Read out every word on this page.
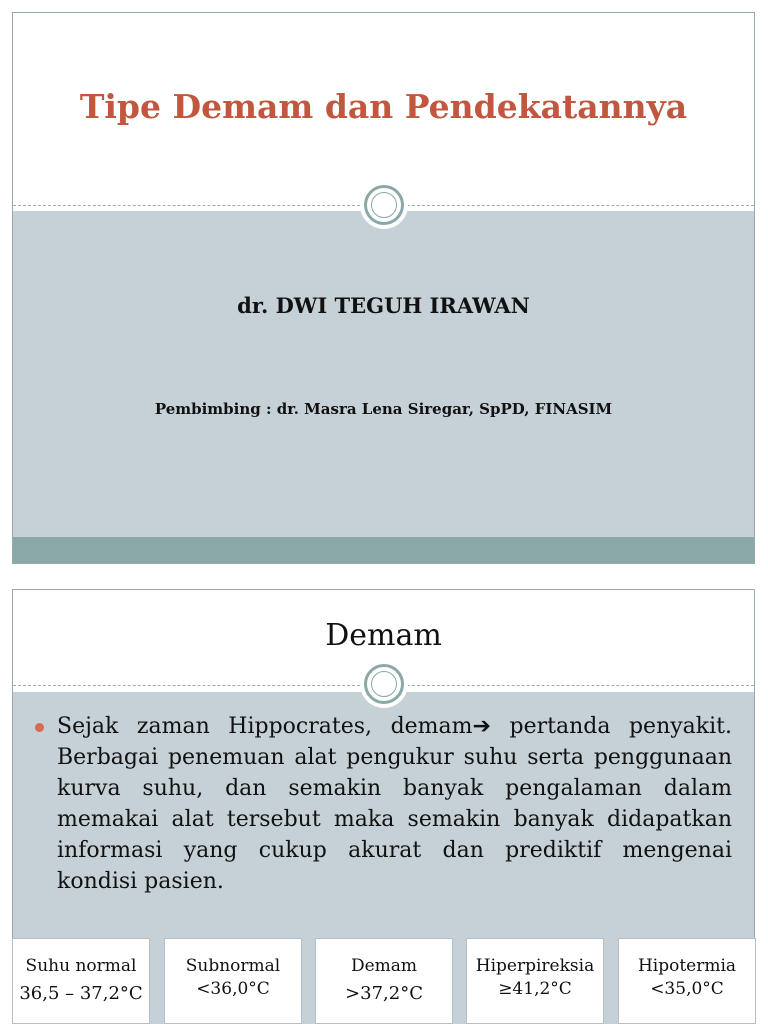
Tipe Demam dan Pendekatannya
dr. DWI TEGUH IRAWAN
Pembimbing : dr. Masra Lena Siregar, SpPD, FINASIM
Demam
Sejak zaman Hippocrates, demam➔ pertanda penyakit. Berbagai penemuan alat pengukur suhu serta penggunaan kurva suhu, dan semakin banyak pengalaman dalam memakai alat tersebut maka semakin banyak didapatkan informasi yang cukup akurat dan prediktif mengenai kondisi pasien.
Suhu normal
36,5 – 37,2°C
Subnormal
<36,0°C
Demam
>37,2°C
Hiperpireksia
≥41,2°C
Hipotermia
<35,0°C
